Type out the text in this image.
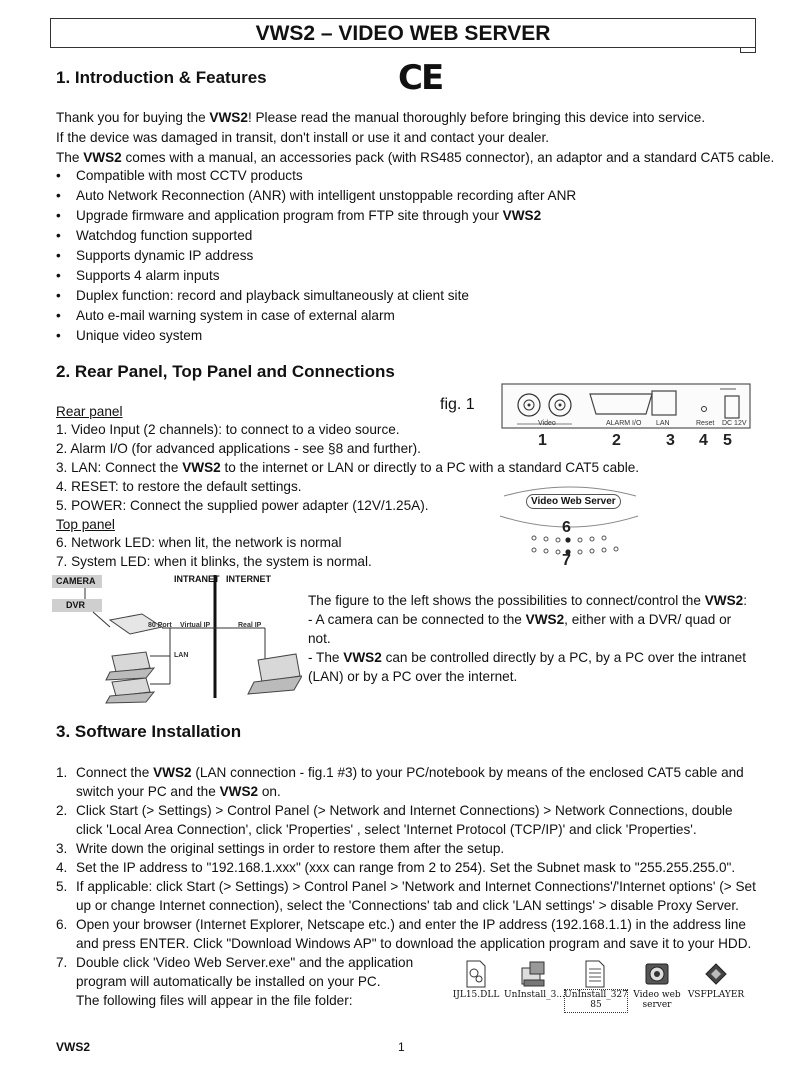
VWS2 – VIDEO WEB SERVER
1. Introduction & Features	CE
Thank you for buying the VWS2! Please read the manual thoroughly before bringing this device into service.
If the device was damaged in transit, don't install or use it and contact your dealer.
The VWS2 comes with a manual, an accessories pack (with RS485 connector), an adaptor and a standard CAT5 cable.
• Compatible with most CCTV products
• Auto Network Reconnection (ANR) with intelligent unstoppable recording after ANR
• Upgrade firmware and application program from FTP site through your VWS2
• Watchdog function supported
• Supports dynamic IP address
• Supports 4 alarm inputs
• Duplex function: record and playback simultaneously at client site
• Auto e-mail warning system in case of external alarm
• Unique video system
2. Rear Panel, Top Panel and Connections
Rear panel
1. Video Input (2 channels): to connect to a video source.
2. Alarm I/O (for advanced applications - see §8 and further).
3. LAN: Connect the VWS2 to the internet or LAN or directly to a PC with a standard CAT5 cable.
4. RESET: to restore the default settings.
5. POWER: Connect the supplied power adapter (12V/1.25A).
Top panel
6. Network LED: when lit, the network is normal
7. System LED: when it blinks, the system is normal.
fig. 1
Video	ALARM I/O LAN	Reset DC 12V
1	2	3 4 5
Video Web Server
6
7
CAMERA
DVR
INTRANET INTERNET
80 Port Virtual IP	Real IP
LAN
The figure to the left shows the possibilities to connect/control the VWS2:
- A camera can be connected to the VWS2, either with a DVR/ quad or
not.
- The VWS2 can be controlled directly by a PC, by a PC over the intranet
(LAN) or by a PC over the internet.
3. Software Installation
1. Connect the VWS2 (LAN connection - fig.1 #3) to your PC/notebook by means of the enclosed CAT5 cable and
switch your PC and the VWS2 on.
2. Click Start (> Settings) > Control Panel (> Network and Internet Connections) > Network Connections, double
click 'Local Area Connection', click 'Properties' , select 'Internet Protocol (TCP/IP)' and click 'Properties'.
3. Write down the original settings in order to restore them after the setup.
4. Set the IP address to "192.168.1.xxx" (xxx can range from 2 to 254). Set the Subnet mask to "255.255.255.0".
5. If applicable: click Start (> Settings) > Control Panel > 'Network and Internet Connections'/'Internet options' (> Set
up or change Internet connection), select the 'Connections' tab and click 'LAN settings' > disable Proxy Server.
6. Open your browser (Internet Explorer, Netscape etc.) and enter the IP address (192.168.1.1) in the address line
and press ENTER. Click "Download Windows AP" to download the application program and save it to your HDD.
7. Double click 'Video Web Server.exe" and the application
program will automatically be installed on your PC.
The following files will appear in the file folder:	IJL15.DLL UnInstall_3... UnInstall_327
85
Video web
server
VSFPLAYER
VWS2	1
